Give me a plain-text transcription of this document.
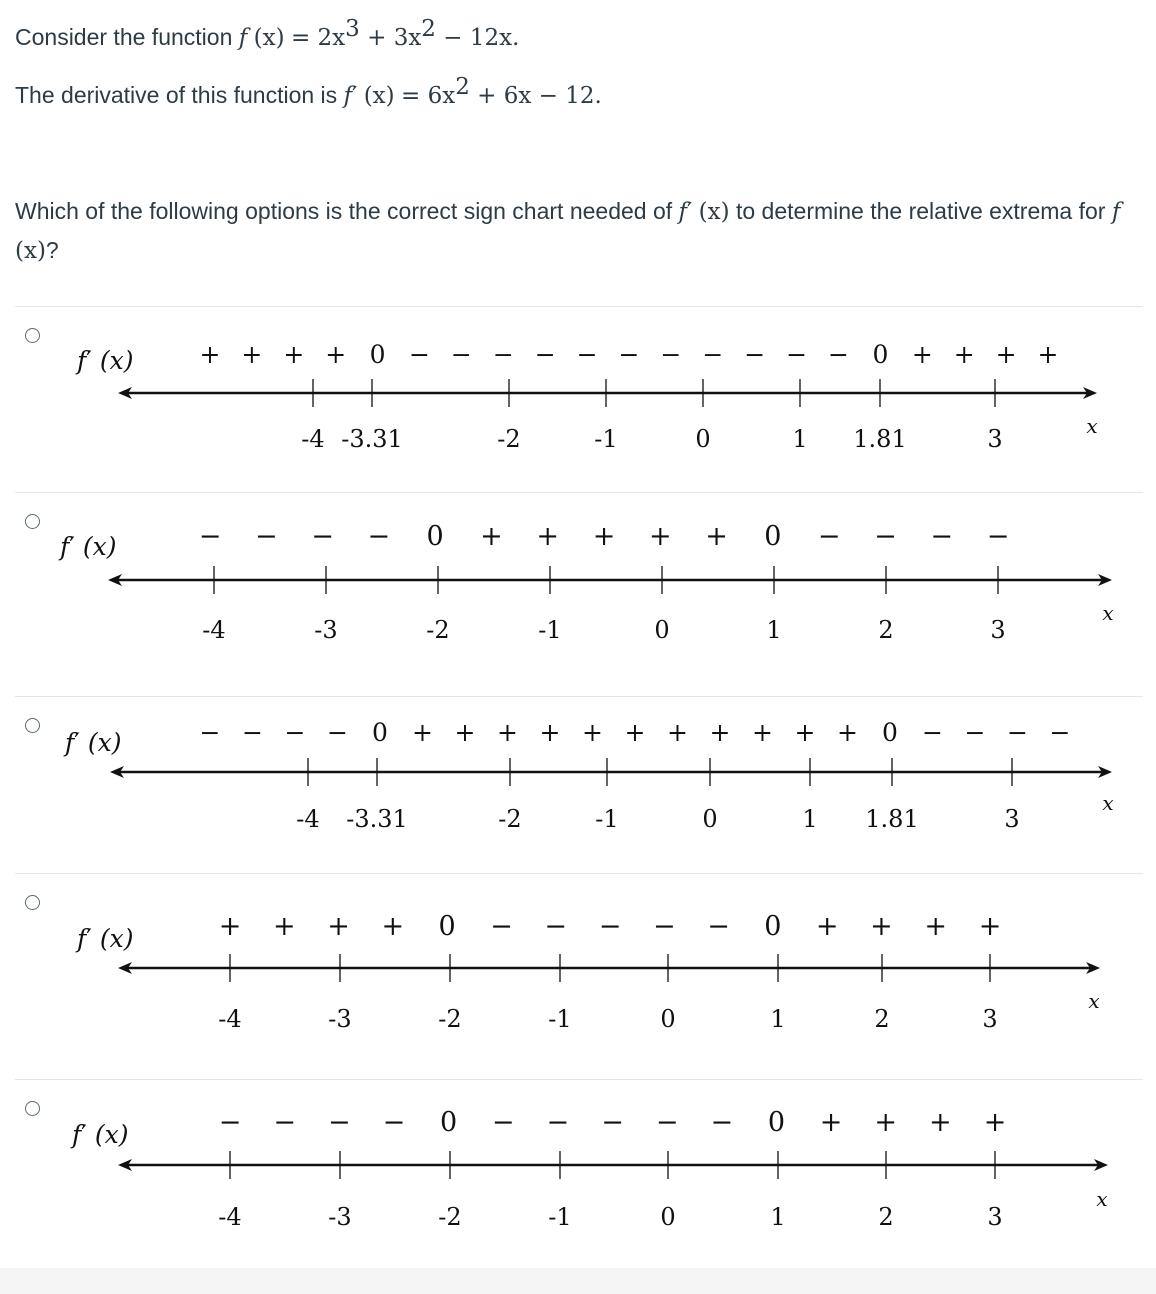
Consider the function f $(x) = 2x^3 + 3x^2 - 12x$.
The derivative of this function is f′ $(x) = 6x^2 + 6x - 12$.
Which of the following options is the correct sign chart needed of f′ (x) to determine the relative extrema for f (x)?
f′ (x)
-4 -3.31	-2	-1	0	1 1.81	3	x
+ + + + 0 − − − − − − − − − − − 0 + + + +
f′ (x)
-4	-3	-2	-1	0	1	2	3
x
− − − − 0 + + + + + 0 − − − −
f′ (x)
-4 -3.31	-2	-1	0	1 1.81	3
x
− − − − 0 + + + + + + + + + + + 0 − − − −
f′ (x)
-4	-3	-2	-1	0	1	2	3
x
+ + + + 0 − − − − − 0 + + + +
f′ (x)
-4	-3	-2	-1	0	1	2	3
x
− − − − 0 − − − − − 0 + + + +
